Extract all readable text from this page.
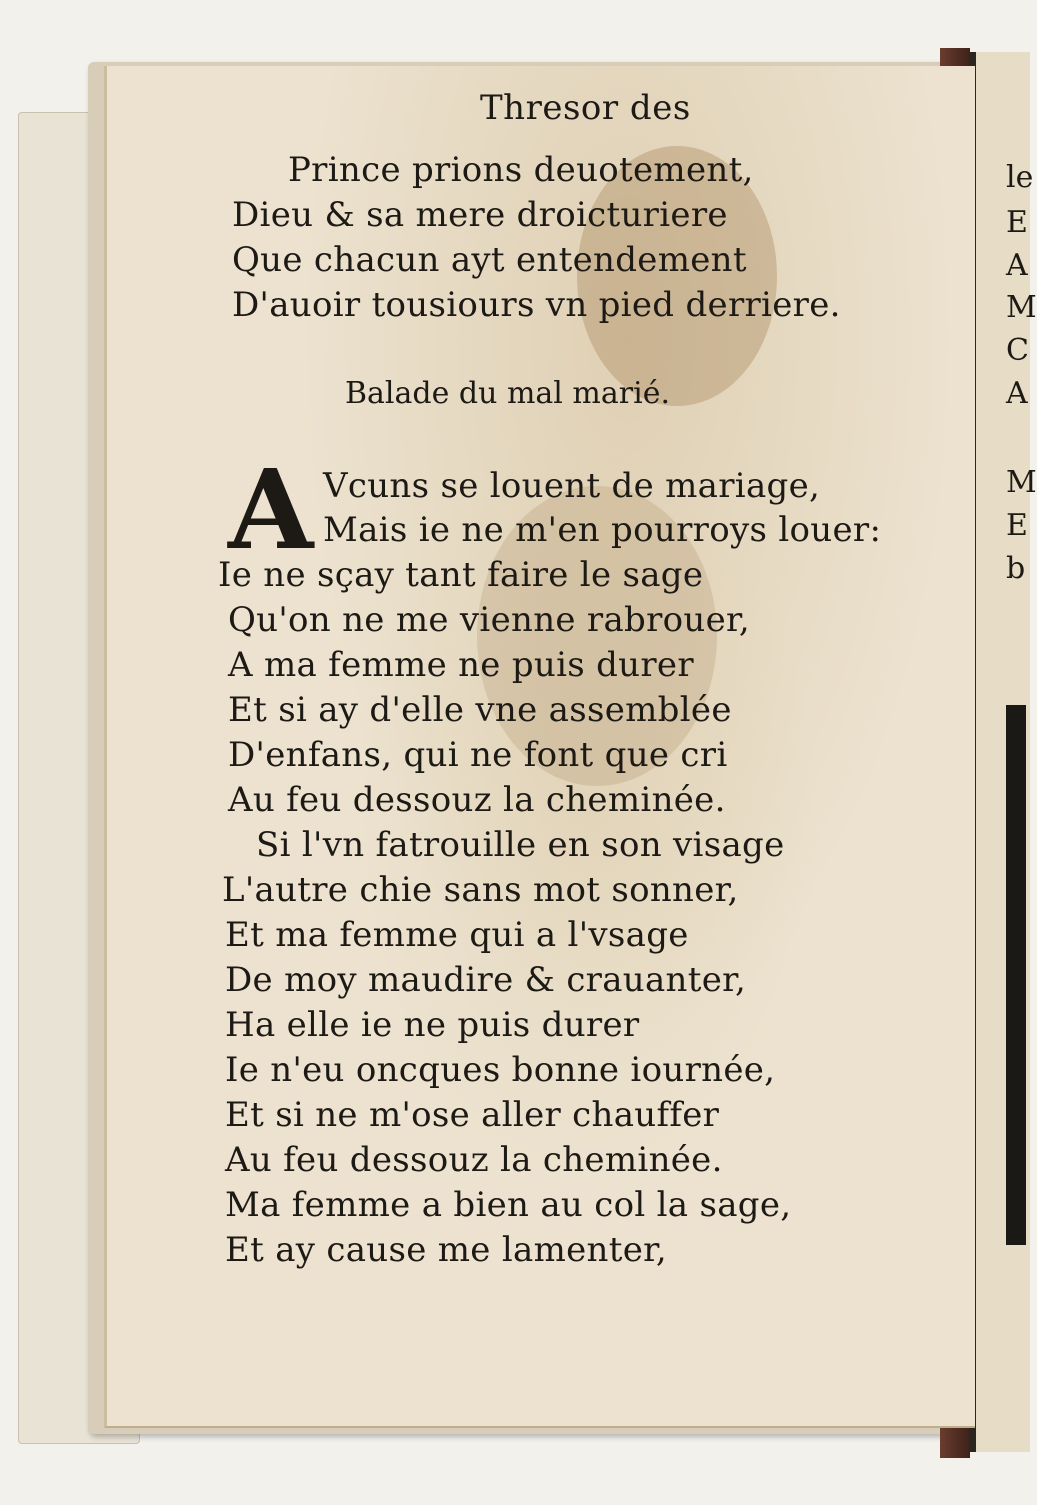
Thresor des
Prince prions deuotement,
Dieu & sa mere droicturiere
Que chacun ayt entendement
D'auoir tousiours vn pied derriere.
Balade du mal marié.
A Vcuns se louent de mariage,
Mais ie ne m'en pourroys louer:
Ie ne sçay tant faire le sage
Qu'on ne me vienne rabrouer,
A ma femme ne puis durer
Et si ay d'elle vne assemblée
D'enfans, qui ne font que cri
Au feu dessouz la cheminée.
Si l'vn fatrouille en son visage
L'autre chie sans mot sonner,
Et ma femme qui a l'vsage
De moy maudire & crauanter,
Ha elle ie ne puis durer
Ie n'eu oncques bonne iournée,
Et si ne m'ose aller chauffer
Au feu dessouz la cheminée.
Ma femme a bien au col la sage,
Et ay cause me lamenter,
le
E
A
M
C
A
M
E
b
